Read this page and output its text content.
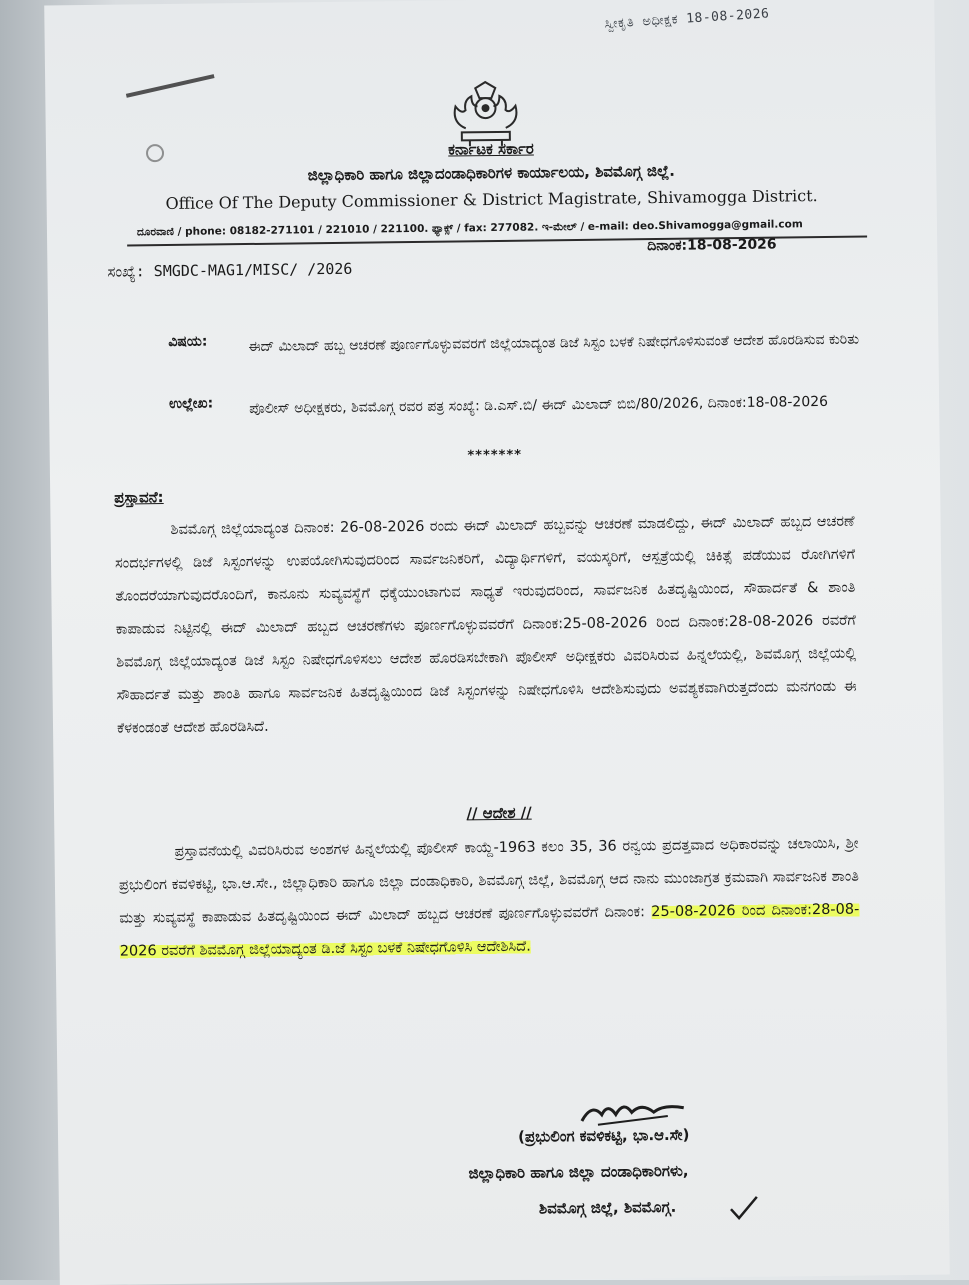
ಸ್ವೀಕೃತಿ ಅಧೀಕ್ಷಕ 18-08-2026
ಕರ್ನಾಟಕ ಸರ್ಕಾರ
ಜಿಲ್ಲಾಧಿಕಾರಿ ಹಾಗೂ ಜಿಲ್ಲಾದಂಡಾಧಿಕಾರಿಗಳ ಕಾರ್ಯಾಲಯ, ಶಿವಮೊಗ್ಗ ಜಿಲ್ಲೆ.
Office Of The Deputy Commissioner & District Magistrate, Shivamogga District.
ದೂರವಾಣಿ / phone: 08182-271101 / 221010 / 221100. ಫ್ಯಾಕ್ಸ್ / fax: 277082. ಇ-ಮೇಲ್ / e-mail: deo.Shivamogga@gmail.com
ದಿನಾಂಕ:18-08-2026
ಸಂಖ್ಯೆ: SMGDC-MAG1/MISC/ /2026
ವಿಷಯ:	ಈದ್ ಮಿಲಾದ್ ಹಬ್ಬ ಆಚರಣೆ ಪೂರ್ಣಗೊಳ್ಳುವವರಗೆ ಜಿಲ್ಲೆಯಾದ್ಯಂತ ಡಿಜೆ ಸಿಸ್ಟಂ ಬಳಕೆ ನಿಷೇಧಗೊಳಿಸುವಂತೆ ಆದೇಶ ಹೊರಡಿಸುವ ಕುರಿತು
ಉಲ್ಲೇಖ:	ಪೊಲೀಸ್ ಅಧೀಕ್ಷಕರು, ಶಿವಮೊಗ್ಗ ರವರ ಪತ್ರ ಸಂಖ್ಯೆ: ಡಿ.ಎಸ್.ಬಿ/ ಈದ್ ಮಿಲಾದ್ ಬಿಬಿ/80/2026, ದಿನಾಂಕ:18-08-2026
*******
ಪ್ರಸ್ತಾವನೆ:
ಶಿವಮೊಗ್ಗ ಜಿಲ್ಲೆಯಾದ್ಯಂತ ದಿನಾಂಕ: 26-08-2026 ರಂದು ಈದ್ ಮಿಲಾದ್ ಹಬ್ಬವನ್ನು ಆಚರಣೆ ಮಾಡಲಿದ್ದು, ಈದ್ ಮಿಲಾದ್ ಹಬ್ಬದ ಆಚರಣೆ ಸಂದರ್ಭಗಳಲ್ಲಿ ಡಿಜೆ ಸಿಸ್ಟಂಗಳನ್ನು ಉಪಯೋಗಿಸುವುದರಿಂದ ಸಾರ್ವಜನಿಕರಿಗೆ, ವಿದ್ಯಾರ್ಥಿಗಳಿಗೆ, ವಯಸ್ಕರಿಗೆ, ಆಸ್ಪತ್ರೆಯಲ್ಲಿ ಚಿಕಿತ್ಸೆ ಪಡೆಯುವ ರೋಗಿಗಳಿಗೆ ತೊಂದರೆಯಾಗುವುದರೊಂದಿಗೆ, ಕಾನೂನು ಸುವ್ಯವಸ್ಥೆಗೆ ಧಕ್ಕೆಯುಂಟಾಗುವ ಸಾಧ್ಯತೆ ಇರುವುದರಿಂದ, ಸಾರ್ವಜನಿಕ ಹಿತದೃಷ್ಟಿಯಿಂದ, ಸೌಹಾರ್ದತೆ & ಶಾಂತಿ ಕಾಪಾಡುವ ನಿಟ್ಟಿನಲ್ಲಿ ಈದ್ ಮಿಲಾದ್ ಹಬ್ಬದ ಆಚರಣೆಗಳು ಪೂರ್ಣಗೊಳ್ಳುವವರೆಗೆ ದಿನಾಂಕ:25-08-2026 ರಿಂದ ದಿನಾಂಕ:28-08-2026 ರವರೆಗೆ ಶಿವಮೊಗ್ಗ ಜಿಲ್ಲೆಯಾದ್ಯಂತ ಡಿಜೆ ಸಿಸ್ಟಂ ನಿಷೇಧಗೊಳಿಸಲು ಆದೇಶ ಹೊರಡಿಸಬೇಕಾಗಿ ಪೊಲೀಸ್ ಅಧೀಕ್ಷಕರು ವಿವರಿಸಿರುವ ಹಿನ್ನಲೆಯಲ್ಲಿ, ಶಿವಮೊಗ್ಗ ಜಿಲ್ಲೆಯಲ್ಲಿ ಸೌಹಾರ್ದತೆ ಮತ್ತು ಶಾಂತಿ ಹಾಗೂ ಸಾರ್ವಜನಿಕ ಹಿತದೃಷ್ಟಿಯಿಂದ ಡಿಜೆ ಸಿಸ್ಟಂಗಳನ್ನು ನಿಷೇಧಗೊಳಿಸಿ ಆದೇಶಿಸುವುದು ಅವಶ್ಯಕವಾಗಿರುತ್ತದೆಂದು ಮನಗಂಡು ಈ ಕೆಳಕಂಡಂತೆ ಆದೇಶ ಹೊರಡಿಸಿದೆ.
// ಆದೇಶ //
ಪ್ರಸ್ತಾವನೆಯಲ್ಲಿ ವಿವರಿಸಿರುವ ಅಂಶಗಳ ಹಿನ್ನಲೆಯಲ್ಲಿ ಪೊಲೀಸ್ ಕಾಯ್ದೆ-1963 ಕಲಂ 35, 36 ರನ್ವಯ ಪ್ರದತ್ತವಾದ ಅಧಿಕಾರವನ್ನು ಚಲಾಯಿಸಿ, ಶ್ರೀ ಪ್ರಭುಲಿಂಗ ಕವಳಿಕಟ್ಟಿ, ಭಾ.ಆ.ಸೇ., ಜಿಲ್ಲಾಧಿಕಾರಿ ಹಾಗೂ ಜಿಲ್ಲಾ ದಂಡಾಧಿಕಾರಿ, ಶಿವಮೊಗ್ಗ ಜಿಲ್ಲೆ, ಶಿವಮೊಗ್ಗ ಆದ ನಾನು ಮುಂಜಾಗ್ರತ ಕ್ರಮವಾಗಿ ಸಾರ್ವಜನಿಕ ಶಾಂತಿ ಮತ್ತು ಸುವ್ಯವಸ್ಥೆ ಕಾಪಾಡುವ ಹಿತದೃಷ್ಟಿಯಿಂದ ಈದ್ ಮಿಲಾದ್ ಹಬ್ಬದ ಆಚರಣೆ ಪೂರ್ಣಗೊಳ್ಳುವವರೆಗೆ ದಿನಾಂಕ: 25-08-2026 ರಿಂದ ದಿನಾಂಕ:28-08-2026 ರವರೆಗೆ ಶಿವಮೊಗ್ಗ ಜಿಲ್ಲೆಯಾದ್ಯಂತ ಡಿ.ಜೆ ಸಿಸ್ಟಂ ಬಳಕೆ ನಿಷೇಧಗೊಳಿಸಿ ಆದೇಶಿಸಿದೆ.
(ಪ್ರಭುಲಿಂಗ ಕವಳಿಕಟ್ಟಿ, ಭಾ.ಆ.ಸೇ)
ಜಿಲ್ಲಾಧಿಕಾರಿ ಹಾಗೂ ಜಿಲ್ಲಾ ದಂಡಾಧಿಕಾರಿಗಳು,
ಶಿವಮೊಗ್ಗ ಜಿಲ್ಲೆ, ಶಿವಮೊಗ್ಗ.
